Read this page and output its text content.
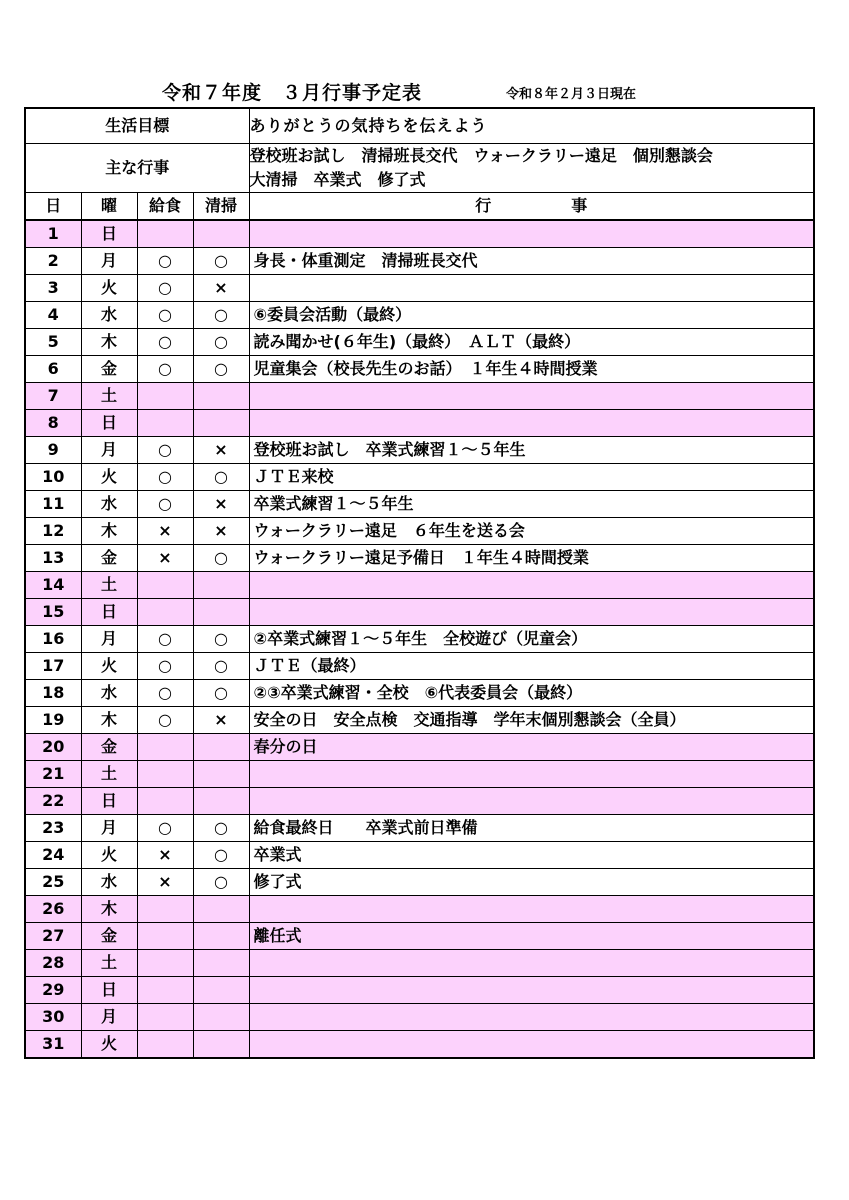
令和７年度　３月行事予定表	令和８年２月３日現在
生活目標				ありがとうの気持ちを伝えよう
主な行事				登校班お試し　清掃班長交代　ウォークラリー遠足　個別懇談会
大清掃　卒業式　修了式

日	曜	給食	清掃	行　　　　　事
1	日			
2	月	○	○	身長・体重測定　清掃班長交代
3	火	○	×	
4	水	○	○	⑥委員会活動（最終）
5	木	○	○	読み聞かせ(６年生)（最終）　ＡＬＴ（最終）
6	金	○	○	児童集会（校長先生のお話）　１年生４時間授業
7	土			
8	日			
9	月	○	×	登校班お試し　卒業式練習１～５年生
10	火	○	○	ＪＴＥ来校
11	水	○	×	卒業式練習１～５年生
12	木	×	×	ウォークラリー遠足　６年生を送る会
13	金	×	○	ウォークラリー遠足予備日　１年生４時間授業
14	土			
15	日			
16	月	○	○	②卒業式練習１～５年生　全校遊び（児童会）
17	火	○	○	ＪＴＥ（最終）
18	水	○	○	②③卒業式練習・全校　⑥代表委員会（最終）
19	木	○	×	安全の日　安全点検　交通指導　学年末個別懇談会（全員）
20	金			春分の日
21	土			
22	日			
23	月	○	○	給食最終日　　卒業式前日準備
24	火	×	○	卒業式
25	水	×	○	修了式
26	木			
27	金			離任式
28	土			
29	日			
30	月			
31	火			
